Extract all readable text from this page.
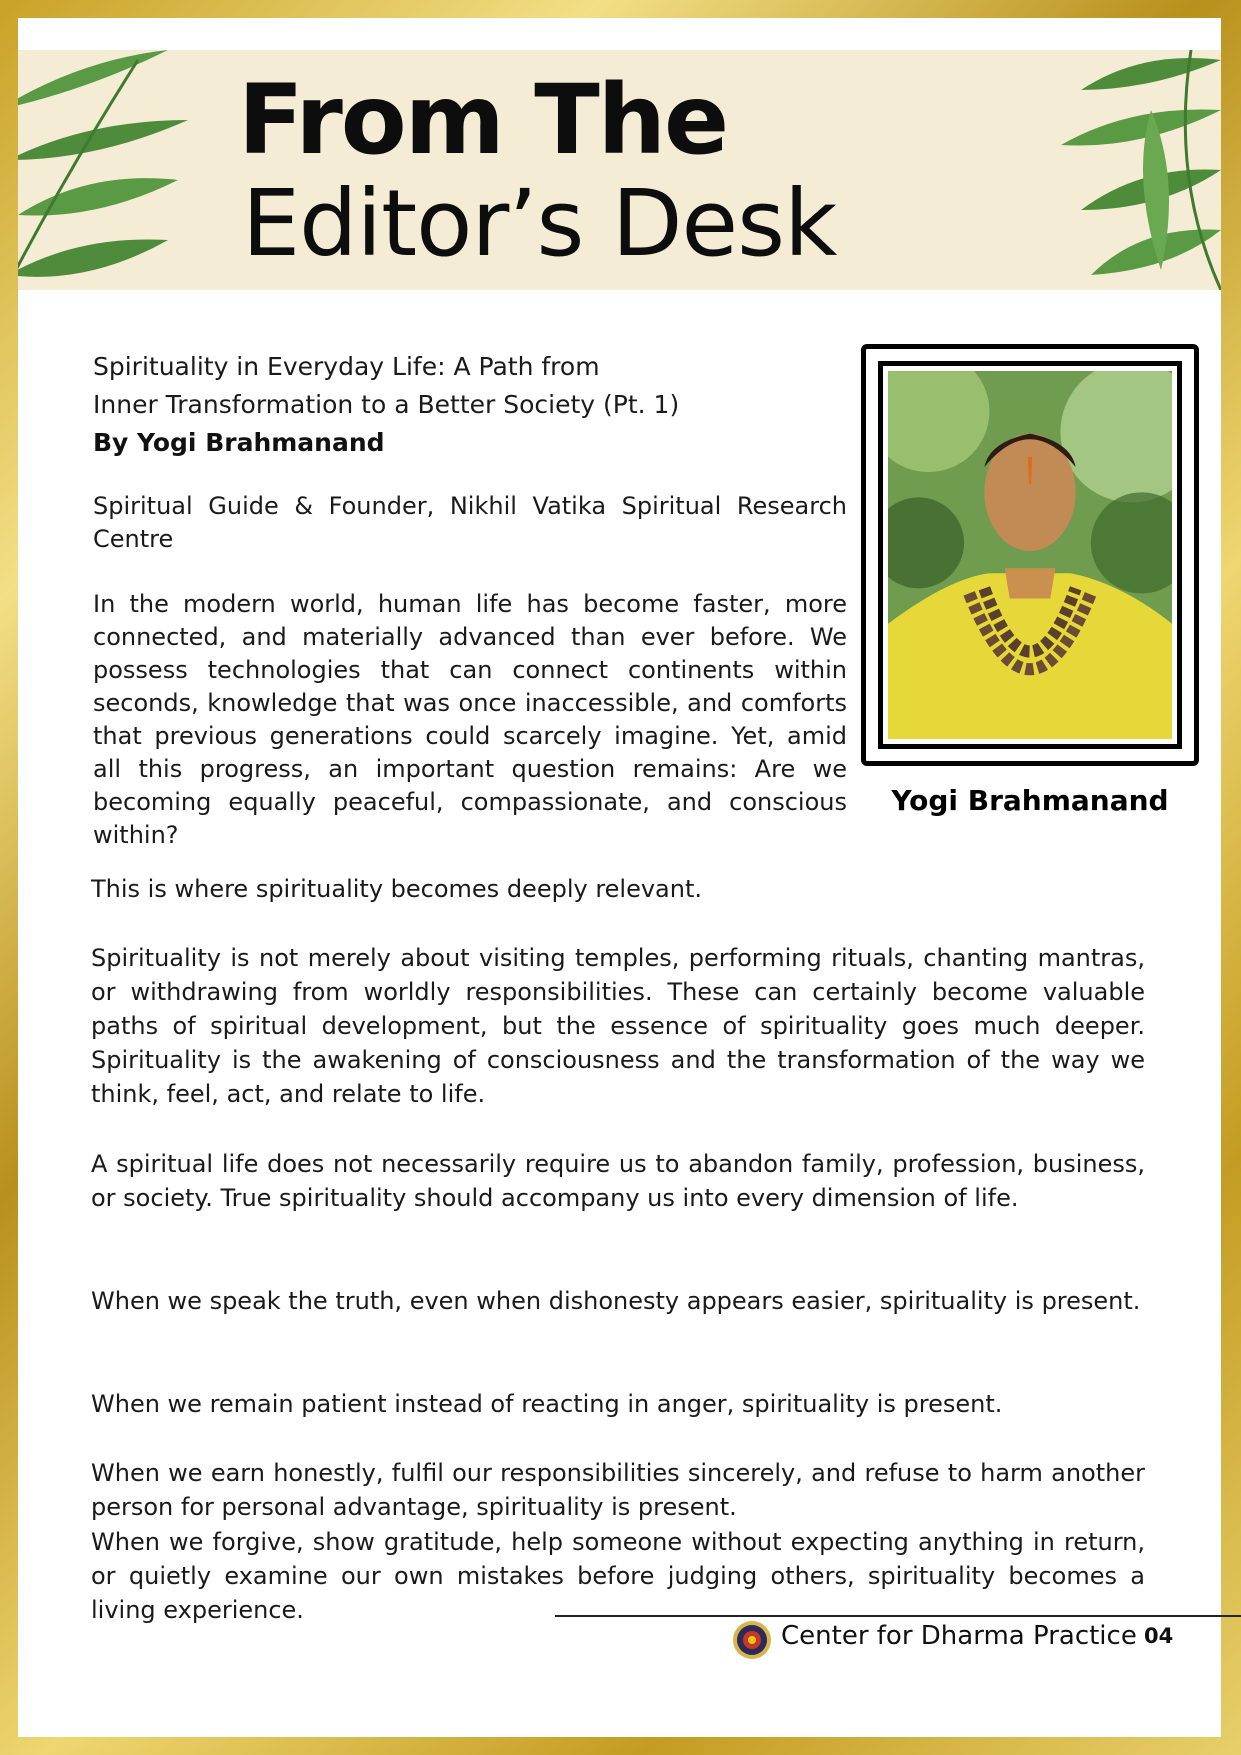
From The
Editor’s Desk
Spirituality in Everyday Life: A Path from
Inner Transformation to a Better Society (Pt. 1)
By Yogi Brahmanand
Spiritual Guide & Founder, Nikhil Vatika Spiritual Research Centre

In the modern world, human life has become faster, more connected, and materially advanced than ever before. We possess technologies that can connect continents within seconds, knowledge that was once inaccessible, and comforts that previous generations could scarcely imagine. Yet, amid all this progress, an important question remains: Are we becoming equally peaceful, compassionate, and conscious within?

This is where spirituality becomes deeply relevant.

Spirituality is not merely about visiting temples, performing rituals, chanting mantras, or withdrawing from worldly responsibilities. These can certainly become valuable paths of spiritual development, but the essence of spirituality goes much deeper. Spirituality is the awakening of consciousness and the transformation of the way we think, feel, act, and relate to life.

A spiritual life does not necessarily require us to abandon family, profession, business, or society. True spirituality should accompany us into every dimension of life.

When we speak the truth, even when dishonesty appears easier, spirituality is present.

When we remain patient instead of reacting in anger, spirituality is present.

When we earn honestly, fulfil our responsibilities sincerely, and refuse to harm another person for personal advantage, spirituality is present.

When we forgive, show gratitude, help someone without expecting anything in return, or quietly examine our own mistakes before judging others, spirituality becomes a living experience.

Yogi Brahmanand
Center for Dharma Practice 04
